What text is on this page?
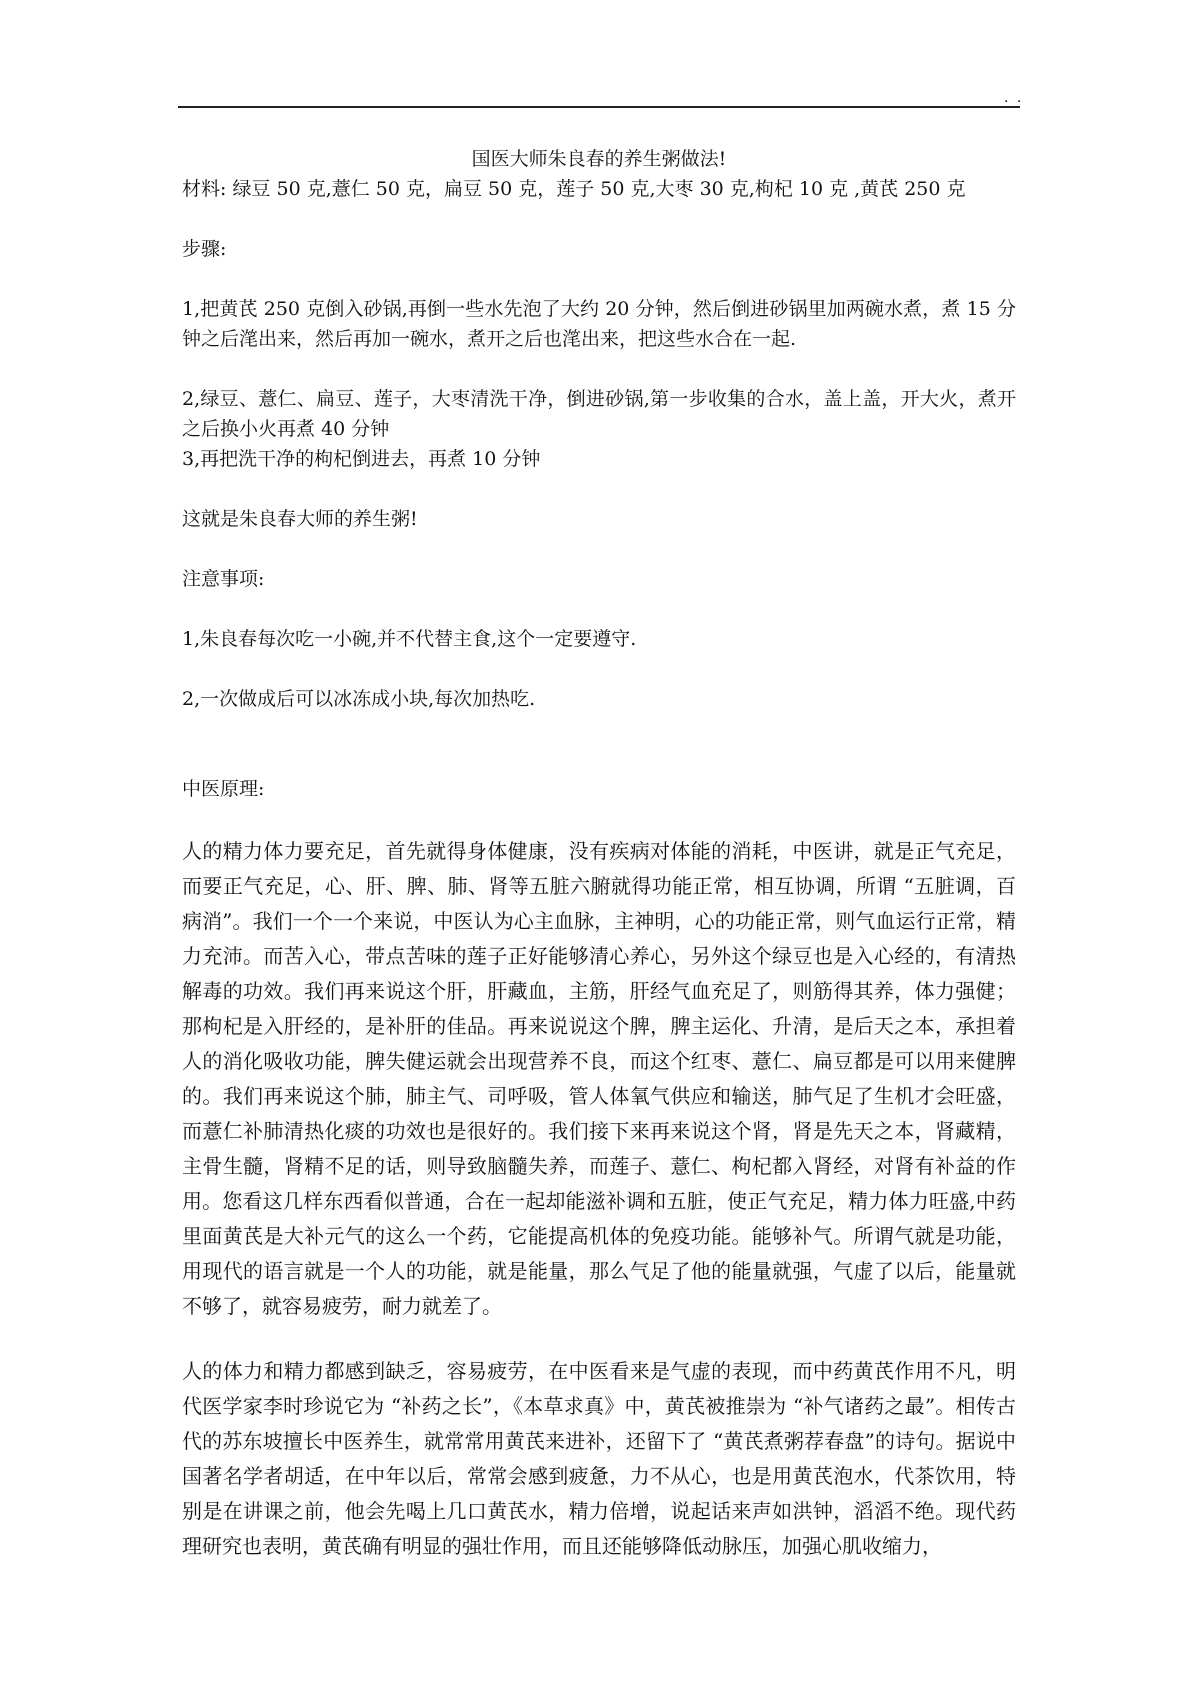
. .

国医大师朱良春的养生粥做法!

材料: 绿豆 50 克,薏仁 50 克，扁豆 50 克，莲子 50 克,大枣 30 克,枸杞 10 克 ,黄芪 250 克

步骤:

1,把黄芪 250 克倒入砂锅,再倒一些水先泡了大约 20 分钟，然后倒进砂锅里加两碗水煮，煮 15 分钟之后滗出来，然后再加一碗水，煮开之后也滗出来，把这些水合在一起.

2,绿豆、薏仁、扁豆、莲子，大枣清洗干净，倒进砂锅,第一步收集的合水，盖上盖，开大火，煮开之后换小火再煮 40 分钟

3,再把洗干净的枸杞倒进去，再煮 10 分钟

这就是朱良春大师的养生粥!

注意事项:

1,朱良春每次吃一小碗,并不代替主食,这个一定要遵守.

2,一次做成后可以冰冻成小块,每次加热吃.

中医原理:

人的精力体力要充足，首先就得身体健康，没有疾病对体能的消耗，中医讲，就是正气充足，而要正气充足，心、肝、脾、肺、肾等五脏六腑就得功能正常，相互协调，所谓 “五脏调，百病消”。我们一个一个来说，中医认为心主血脉，主神明，心的功能正常，则气血运行正常，精力充沛。而苦入心，带点苦味的莲子正好能够清心养心，另外这个绿豆也是入心经的，有清热解毒的功效。我们再来说这个肝，肝藏血，主筋，肝经气血充足了，则筋得其养，体力强健；那枸杞是入肝经的，是补肝的佳品。再来说说这个脾，脾主运化、升清，是后天之本，承担着人的消化吸收功能，脾失健运就会出现营养不良，而这个红枣、薏仁、扁豆都是可以用来健脾的。我们再来说这个肺，肺主气、司呼吸，管人体氧气供应和输送，肺气足了生机才会旺盛，而薏仁补肺清热化痰的功效也是很好的。我们接下来再来说这个肾，肾是先天之本，肾藏精，主骨生髓，肾精不足的话，则导致脑髓失养，而莲子、薏仁、枸杞都入肾经，对肾有补益的作用。您看这几样东西看似普通，合在一起却能滋补调和五脏，使正气充足，精力体力旺盛,中药里面黄芪是大补元气的这么一个药，它能提高机体的免疫功能。能够补气。所谓气就是功能，用现代的语言就是一个人的功能，就是能量，那么气足了他的能量就强，气虚了以后，能量就不够了，就容易疲劳，耐力就差了。

人的体力和精力都感到缺乏，容易疲劳，在中医看来是气虚的表现，而中药黄芪作用不凡，明代医学家李时珍说它为 “补药之长”，《本草求真》中，黄芪被推崇为 “补气诸药之最”。相传古代的苏东坡擅长中医养生，就常常用黄芪来进补，还留下了 “黄芪煮粥荐春盘”的诗句。据说中国著名学者胡适，在中年以后，常常会感到疲惫，力不从心，也是用黄芪泡水，代茶饮用，特别是在讲课之前，他会先喝上几口黄芪水，精力倍增，说起话来声如洪钟，滔滔不绝。现代药理研究也表明，黄芪确有明显的强壮作用，而且还能够降低动脉压，加强心肌收缩力，
